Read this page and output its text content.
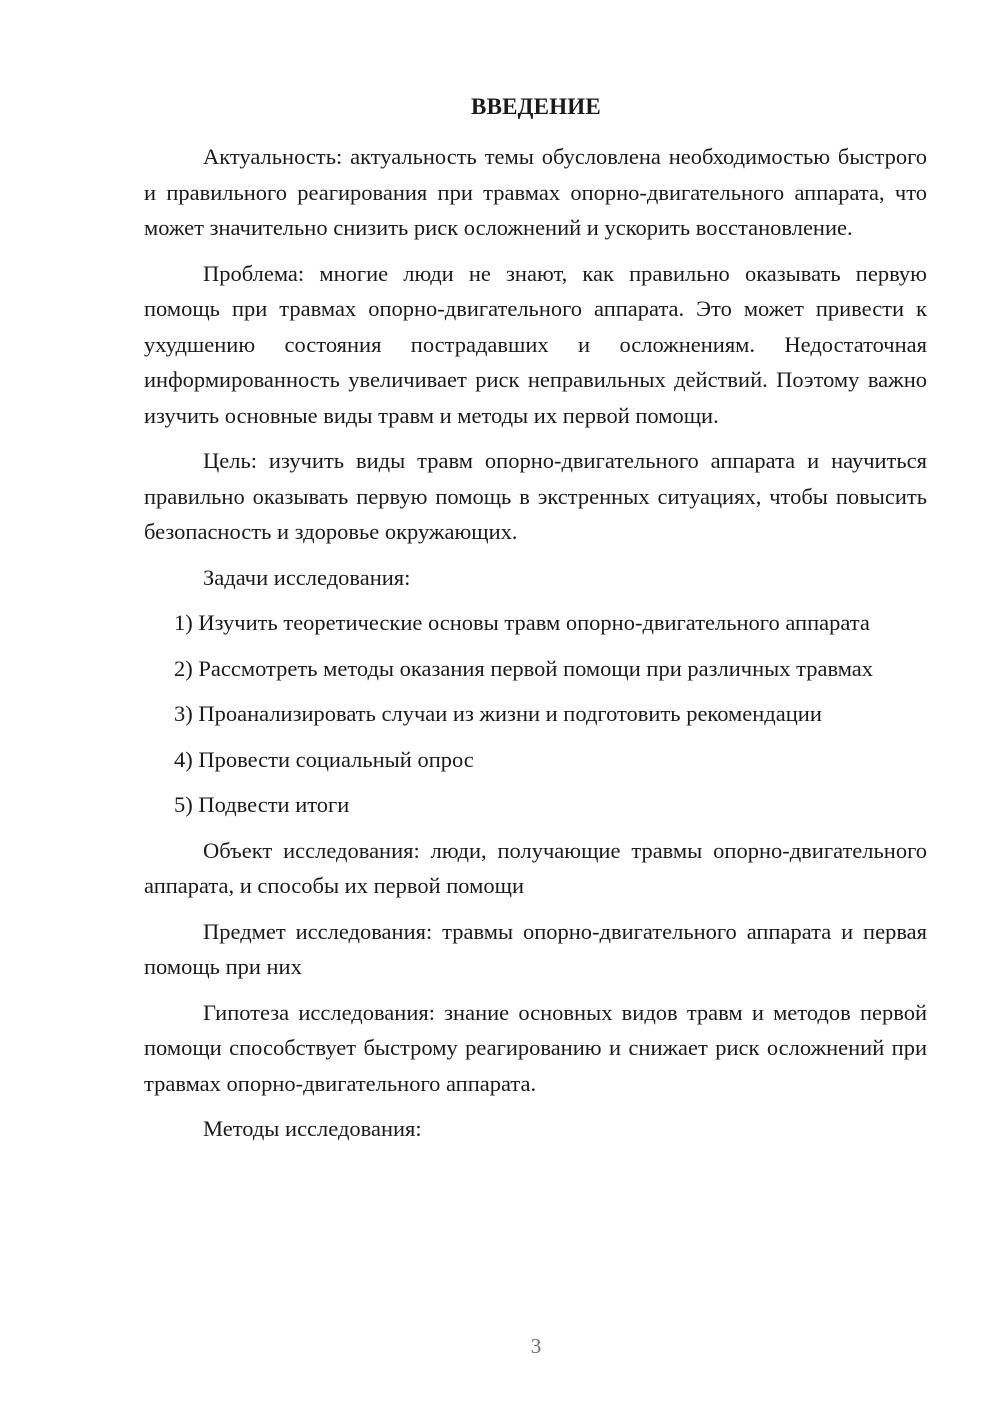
ВВЕДЕНИЕ

Актуальность: актуальность темы обусловлена необходимостью быстрого и правильного реагирования при травмах опорно-двигательного аппарата, что может значительно снизить риск осложнений и ускорить восстановление.

Проблема: многие люди не знают, как правильно оказывать первую помощь при травмах опорно-двигательного аппарата. Это может привести к ухудшению состояния пострадавших и осложнениям. Недостаточная информированность увеличивает риск неправильных действий. Поэтому важно изучить основные виды травм и методы их первой помощи.

Цель: изучить виды травм опорно-двигательного аппарата и научиться правильно оказывать первую помощь в экстренных ситуациях, чтобы повысить безопасность и здоровье окружающих.

Задачи исследования:

1) Изучить теоретические основы травм опорно-двигательного аппарата

2) Рассмотреть методы оказания первой помощи при различных травмах

3) Проанализировать случаи из жизни и подготовить рекомендации

4) Провести социальный опрос

5) Подвести итоги

Объект исследования: люди, получающие травмы опорно-двигательного аппарата, и способы их первой помощи

Предмет исследования: травмы опорно-двигательного аппарата и первая помощь при них

Гипотеза исследования: знание основных видов травм и методов первой помощи способствует быстрому реагированию и снижает риск осложнений при травмах опорно-двигательного аппарата.

Методы исследования:

3
